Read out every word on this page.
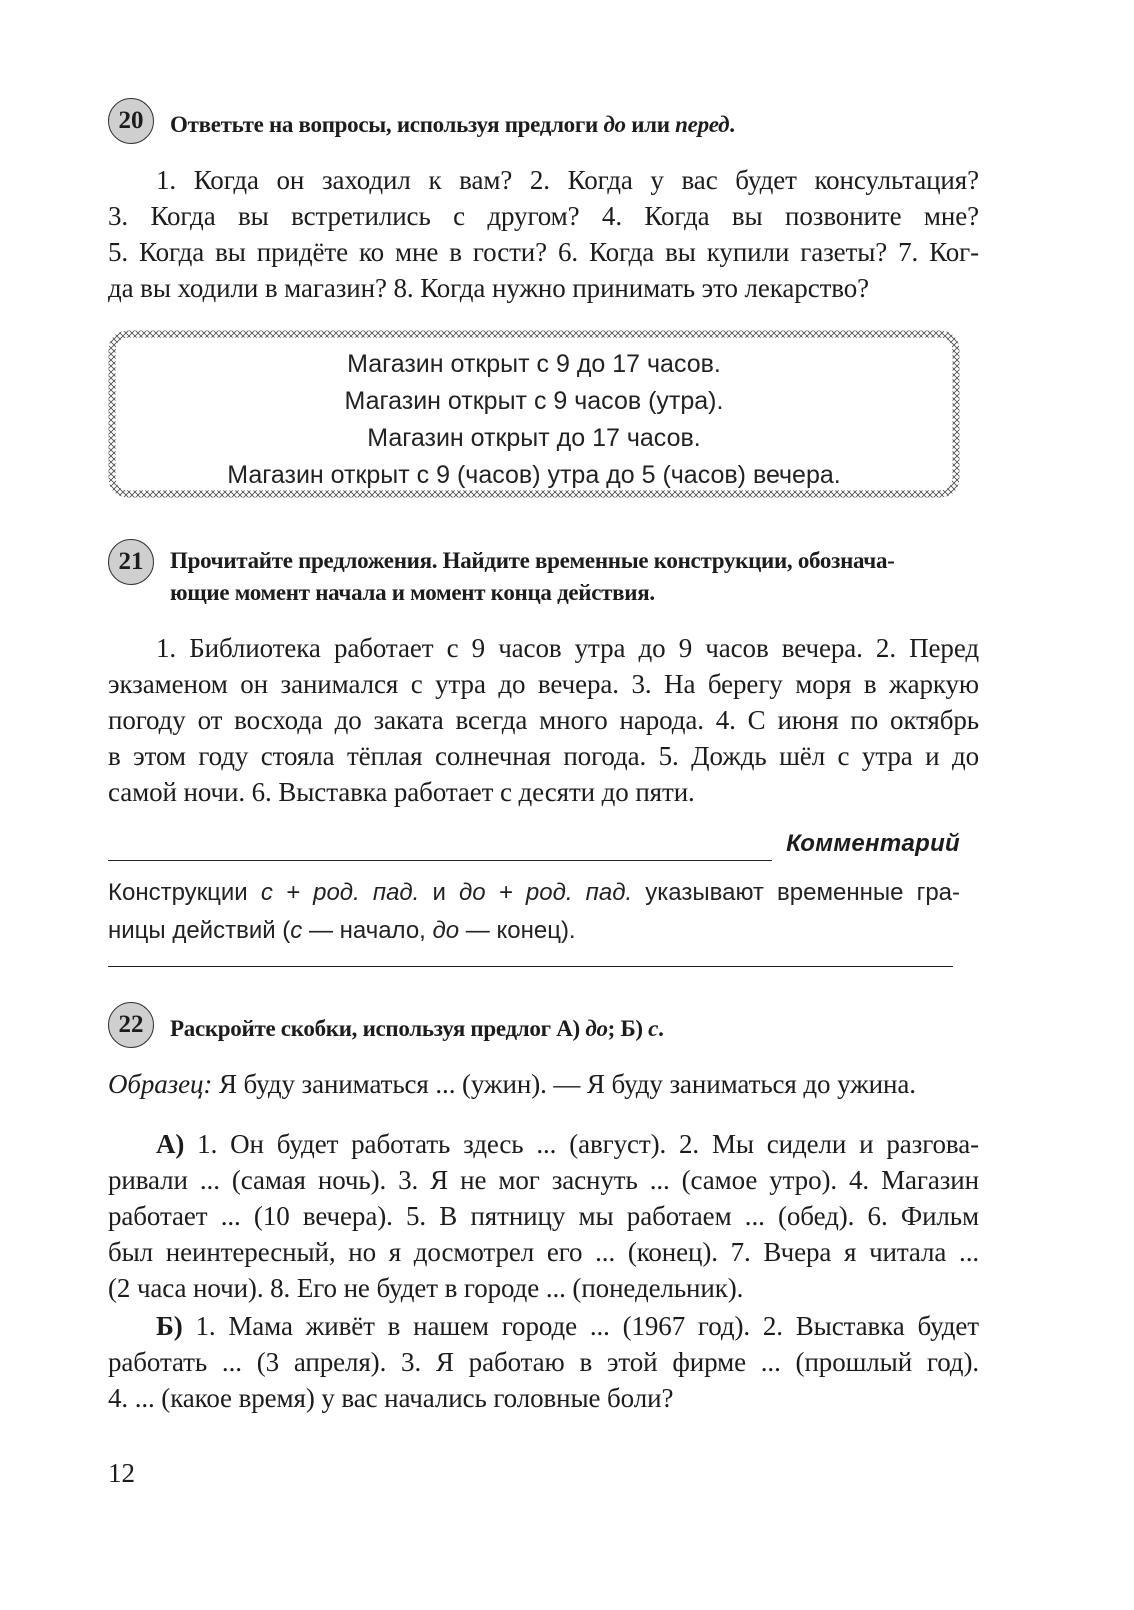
20	Ответьте на вопросы, используя предлоги до или перед.
1. Когда он заходил к вам? 2. Когда у вас будет консультация?
3. Когда вы встретились с другом? 4. Когда вы позвоните мне?
5. Когда вы придёте ко мне в гости? 6. Когда вы купили газеты? 7. Ког-
да вы ходили в магазин? 8. Когда нужно принимать это лекарство?
Магазин открыт с 9 до 17 часов.
Магазин открыт с 9 часов (утра).
Магазин открыт до 17 часов.
Магазин открыт с 9 (часов) утра до 5 (часов) вечера.
21	Прочитайте предложения. Найдите временные конструкции, обознача-
ющие момент начала и момент конца действия.
1. Библиотека работает с 9 часов утра до 9 часов вечера. 2. Перед
экзаменом он занимался с утра до вечера. 3. На берегу моря в жаркую
погоду от восхода до заката всегда много народа. 4. С июня по октябрь
в этом году стояла тёплая солнечная погода. 5. Дождь шёл с утра и до
самой ночи. 6. Выставка работает с десяти до пяти.
Комментарий
Конструкции с + род. пад. и до + род. пад. указывают временные гра-
ницы действий (с — начало, до — конец).
22	Раскройте скобки, используя предлог А) до; Б) с.
Образец: Я буду заниматься ... (ужин). — Я буду заниматься до ужина.
А) 1. Он будет работать здесь ... (август). 2. Мы сидели и разгова-
ривали ... (самая ночь). 3. Я не мог заснуть ... (самое утро). 4. Магазин
работает ... (10 вечера). 5. В пятницу мы работаем ... (обед). 6. Фильм
был неинтересный, но я досмотрел его ... (конец). 7. Вчера я читала ...
(2 часа ночи). 8. Его не будет в городе ... (понедельник).
Б) 1. Мама живёт в нашем городе ... (1967 год). 2. Выставка будет
работать ... (3 апреля). 3. Я работаю в этой фирме ... (прошлый год).
4. ... (какое время) у вас начались головные боли?
12
